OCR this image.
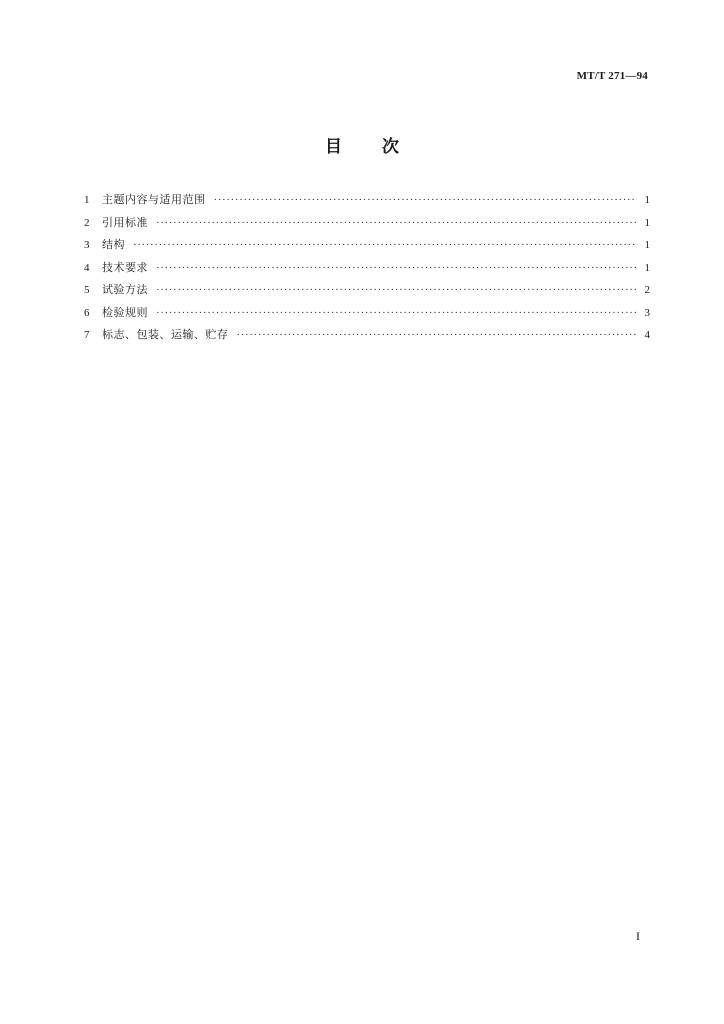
MT/T 271—94
目 次
1	主题内容与适用范围 ·····	1
2	引用标准 ·····	1
3	结构 ·····	1
4	技术要求 ·····	1
5	试验方法 ·····	2
6	检验规则 ·····	3
7	标志、包装、运输、贮存 ·····	4
I
